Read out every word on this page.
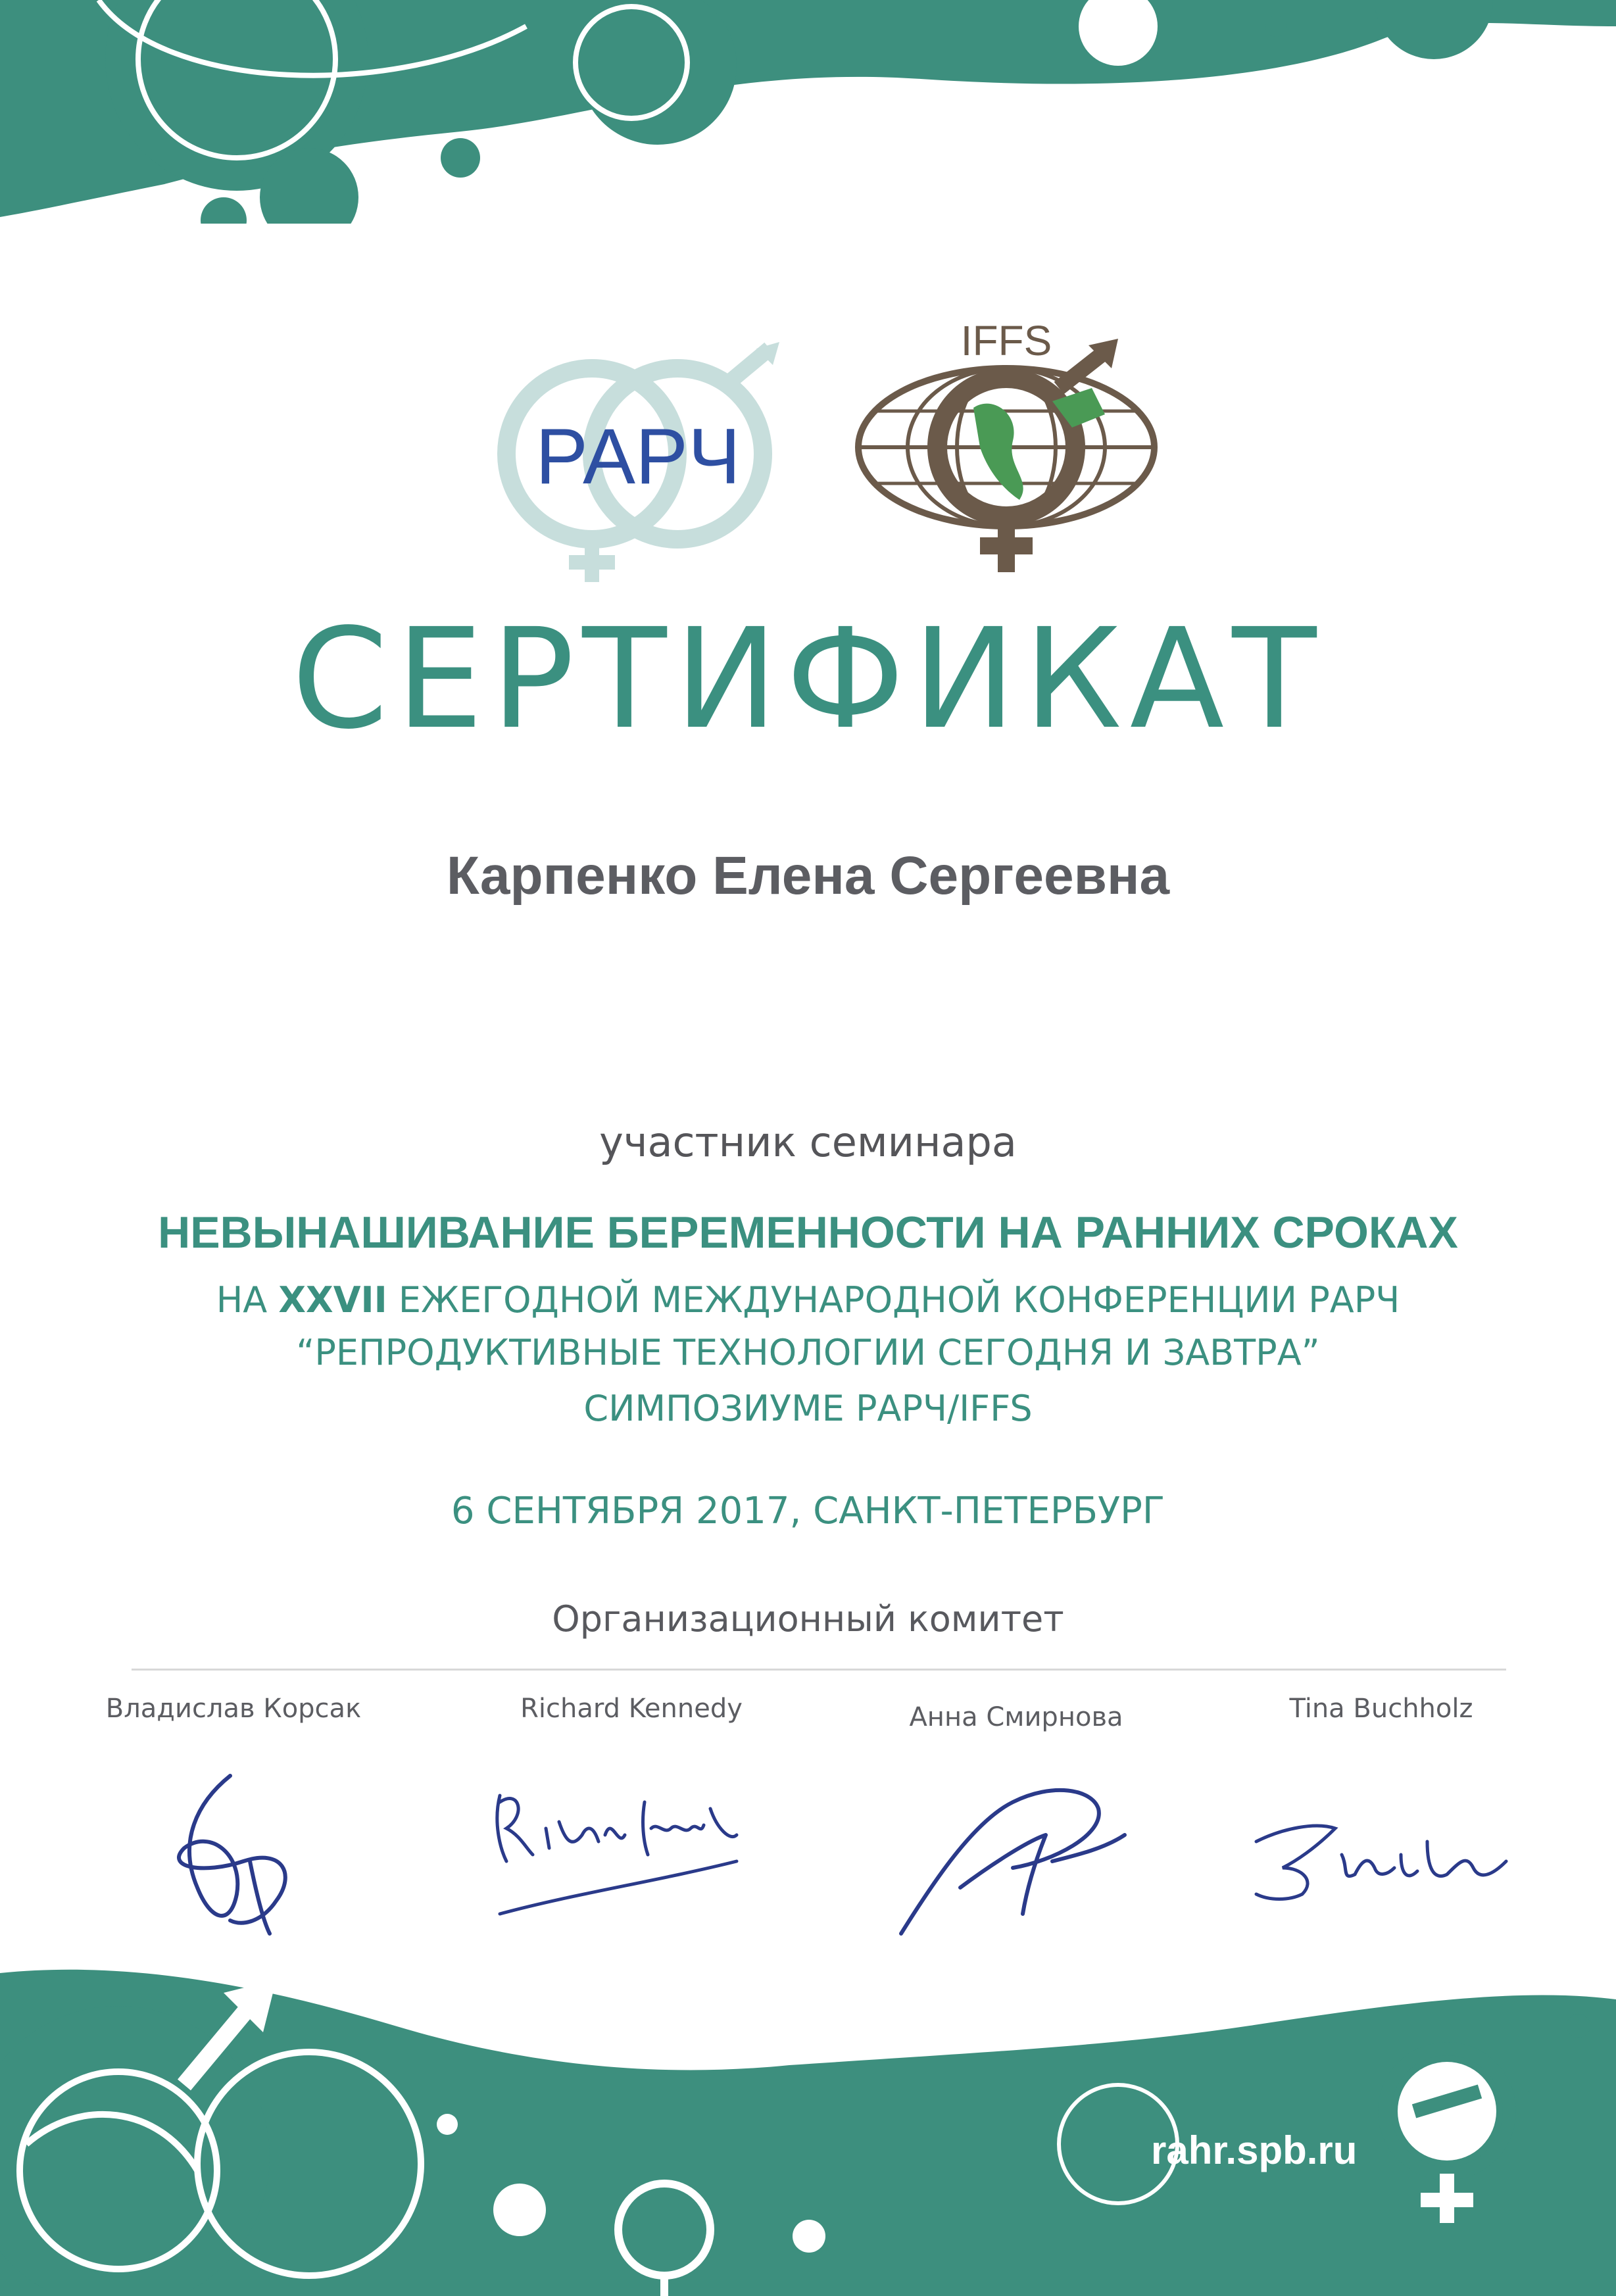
РАРЧ
IFFS
СЕРТИФИКАТ
Карпенко Елена Сергеевна
участник семинара
НЕВЫНАШИВАНИЕ БЕРЕМЕННОСТИ НА РАННИХ СРОКАХ
НА XXVII ЕЖЕГОДНОЙ МЕЖДУНАРОДНОЙ КОНФЕРЕНЦИИ РАРЧ
“РЕПРОДУКТИВНЫЕ ТЕХНОЛОГИИ СЕГОДНЯ И ЗАВТРА”
СИМПОЗИУМЕ РАРЧ/IFFS
6 СЕНТЯБРЯ 2017, САНКТ-ПЕТЕРБУРГ
Организационный комитет
Владислав Корсак	Richard Kennedy	Анна Смирнова	Tina Buchholz
rahr.spb.ru
